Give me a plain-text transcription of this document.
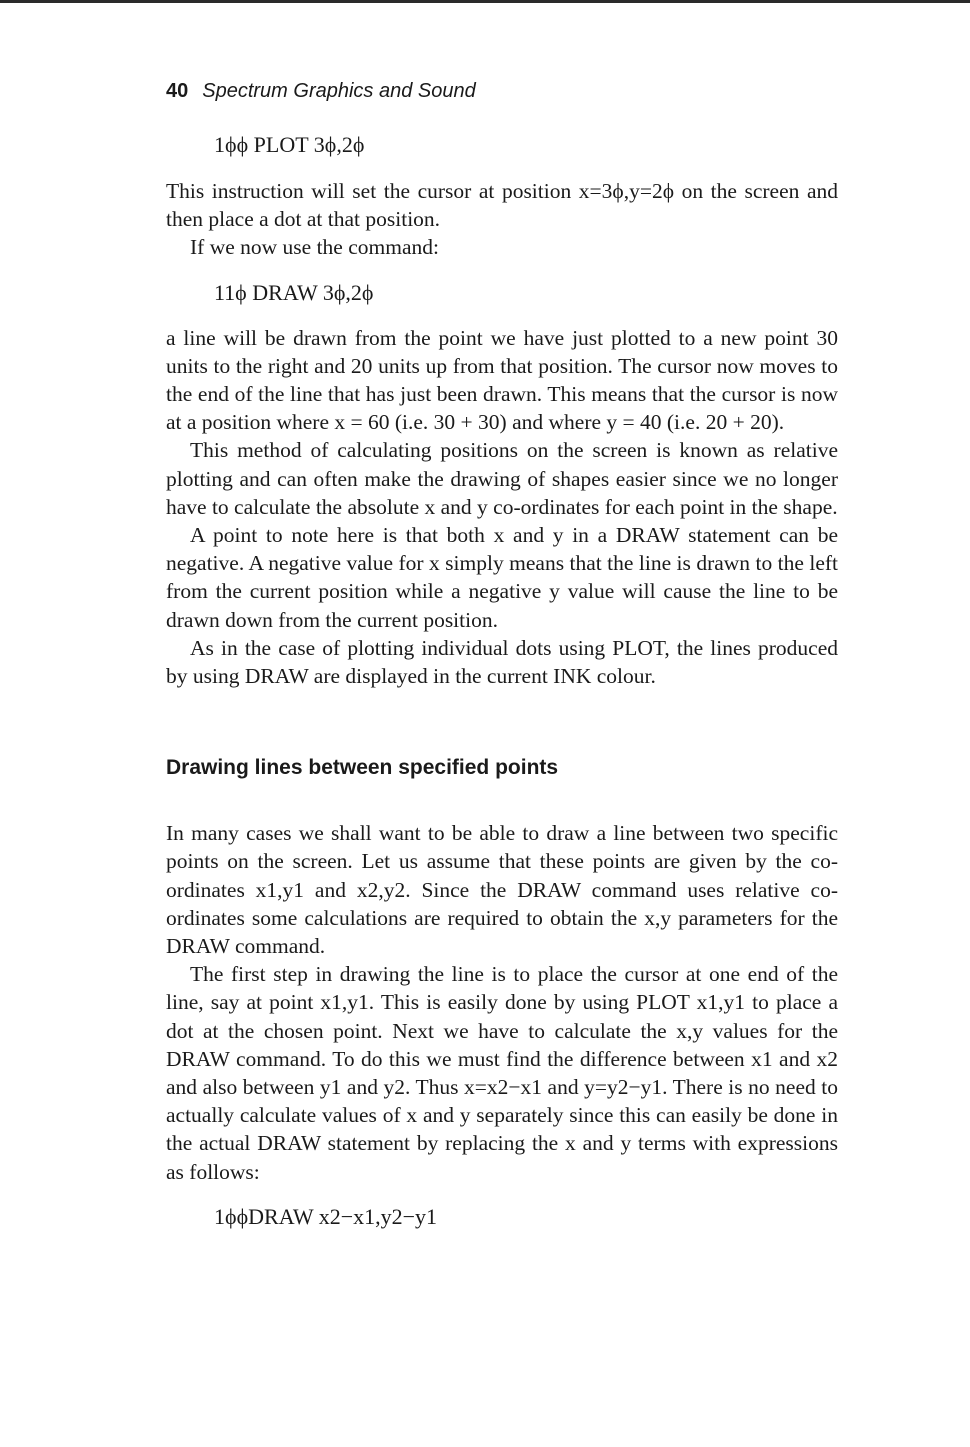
40 Spectrum Graphics and Sound
1ϕϕ PLOT 3ϕ,2ϕ

This instruction will set the cursor at position x=3ϕ,y=2ϕ on the screen and then place a dot at that position.

If we now use the command:

11ϕ DRAW 3ϕ,2ϕ

a line will be drawn from the point we have just plotted to a new point 30 units to the right and 20 units up from that position. The cursor now moves to the end of the line that has just been drawn. This means that the cursor is now at a position where x = 60 (i.e. 30 + 30) and where y = 40 (i.e. 20 + 20).

This method of calculating positions on the screen is known as relative plotting and can often make the drawing of shapes easier since we no longer have to calculate the absolute x and y co-ordinates for each point in the shape.

A point to note here is that both x and y in a DRAW statement can be negative. A negative value for x simply means that the line is drawn to the left from the current position while a negative y value will cause the line to be drawn down from the current position.

As in the case of plotting individual dots using PLOT, the lines produced by using DRAW are displayed in the current INK colour.

Drawing lines between specified points

In many cases we shall want to be able to draw a line between two specific points on the screen. Let us assume that these points are given by the co-ordinates x1,y1 and x2,y2. Since the DRAW command uses relative co-ordinates some calculations are required to obtain the x,y parameters for the DRAW command.

The first step in drawing the line is to place the cursor at one end of the line, say at point x1,y1. This is easily done by using PLOT x1,y1 to place a dot at the chosen point. Next we have to calculate the x,y values for the DRAW command. To do this we must find the difference between x1 and x2 and also between y1 and y2. Thus x=x2−x1 and y=y2−y1. There is no need to actually calculate values of x and y separately since this can easily be done in the actual DRAW statement by replacing the x and y terms with expressions as follows:

1ϕϕDRAW x2−x1,y2−y1
